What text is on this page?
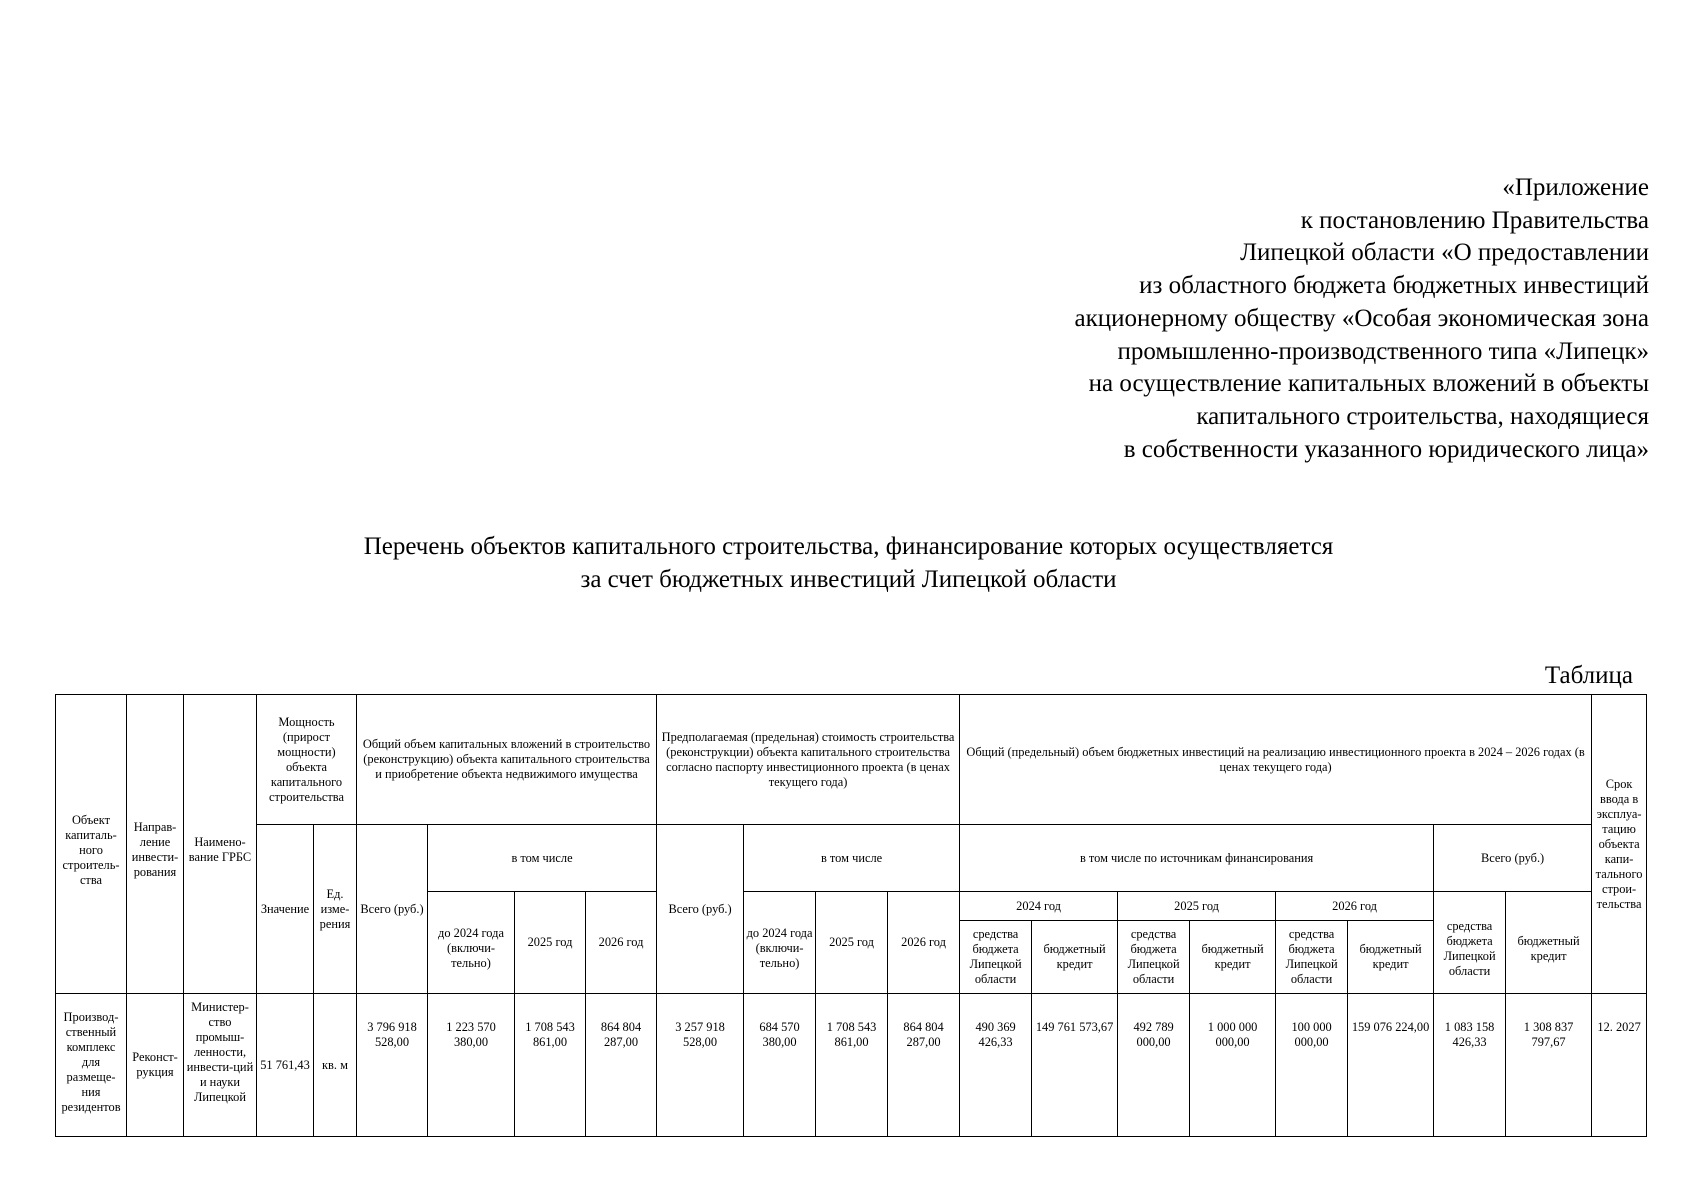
«Приложение
к постановлению Правительства
Липецкой области «О предоставлении
из областного бюджета бюджетных инвестиций
акционерному обществу «Особая экономическая зона
промышленно-производственного типа «Липецк»
на осуществление капитальных вложений в объекты
капитального строительства, находящиеся
в собственности указанного юридического лица»
Перечень объектов капитального строительства, финансирование которых осуществляется
за счет бюджетных инвестиций Липецкой области
Таблица
Объект капиталь-ного строитель-ства	Направ-ление инвести-рования	Наимено-вание ГРБС	Мощность (прирост мощности) объекта капитального строительства		Общий объем капитальных вложений в строительство (реконструкцию) объекта капитального строительства и приобретение объекта недвижимого имущества				Предполагаемая (предельная) стоимость строительства (реконструкции) объекта капитального строительства согласно паспорту инвестиционного проекта (в ценах текущего года)				Общий (предельный) объем бюджетных инвестиций на реализацию инвестиционного проекта в 2024 – 2026 годах (в ценах текущего года)								Срок ввода в эксплуа-тацию объекта капи-тального строи-тельства
			Значение	Ед. изме-рения	Всего (руб.)	в том числе			Всего (руб.)	в том числе			в том числе по источникам финансирования						Всего (руб.)		
						до 2024 года (включи-тельно)	2025 год	2026 год		до 2024 года (включи-тельно)	2025 год	2026 год	2024 год		2025 год		2026 год		средства бюджета Липецкой области	бюджетный кредит	
													средства бюджета Липецкой области	бюджетный кредит	средства бюджета Липецкой области	бюджетный кредит	средства бюджета Липецкой области	бюджетный кредит			
Производ-ственный комплекс для размеще-ния резидентов	Реконст-рукция	Министер-ство промыш-ленности, инвести-ций и науки Липецкой	51 761,43	кв. м	3 796 918 528,00	1 223 570 380,00	1 708 543 861,00	864 804 287,00	3 257 918 528,00	684 570 380,00	1 708 543 861,00	864 804 287,00	490 369 426,33	149 761 573,67	492 789 000,00	1 000 000 000,00	100 000 000,00	159 076 224,00	1 083 158 426,33	1 308 837 797,67	12. 2027
